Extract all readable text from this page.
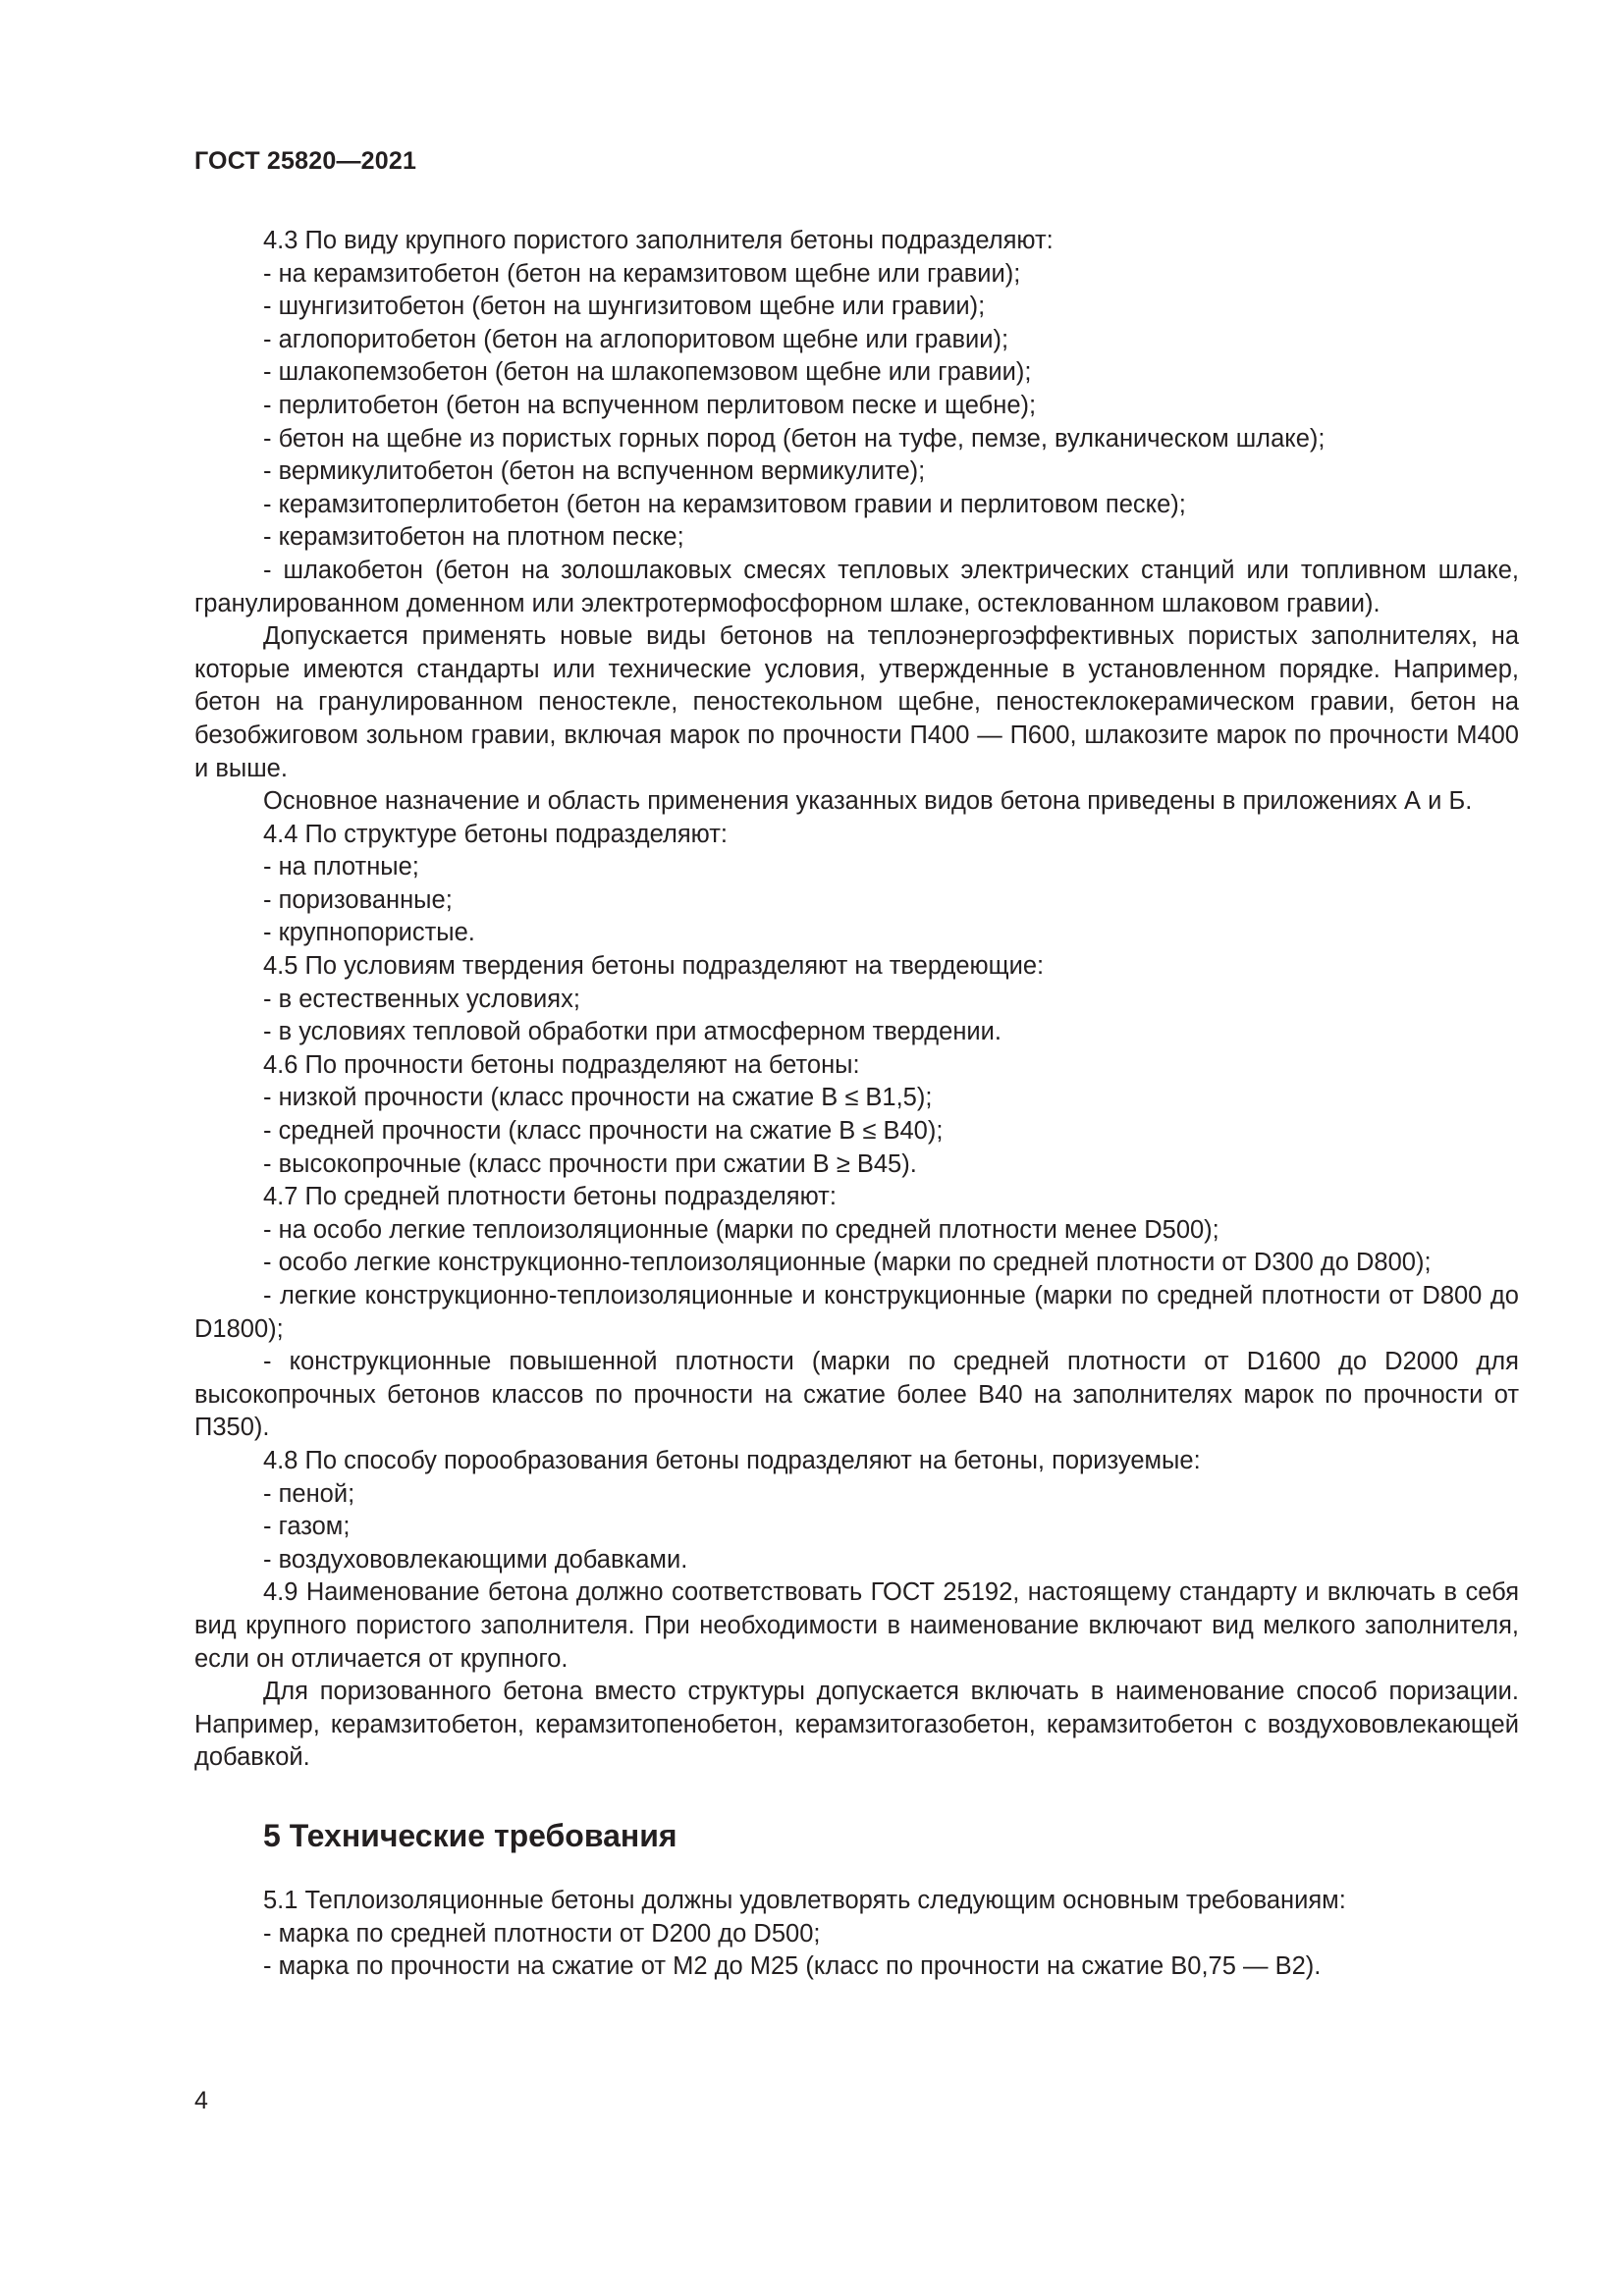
ГОСТ 25820—2021

4.3 По виду крупного пористого заполнителя бетоны подразделяют:

- на керамзитобетон (бетон на керамзитовом щебне или гравии);

- шунгизитобетон (бетон на шунгизитовом щебне или гравии);

- аглопоритобетон (бетон на аглопоритовом щебне или гравии);

- шлакопемзобетон (бетон на шлакопемзовом щебне или гравии);

- перлитобетон (бетон на вспученном перлитовом песке и щебне);

- бетон на щебне из пористых горных пород (бетон на туфе, пемзе, вулканическом шлаке);

- вермикулитобетон (бетон на вспученном вермикулите);

- керамзитоперлитобетон (бетон на керамзитовом гравии и перлитовом песке);

- керамзитобетон на плотном песке;

- шлакобетон (бетон на золошлаковых смесях тепловых электрических станций или топливном шлаке, гранулированном доменном или электротермофосфорном шлаке, остеклованном шлаковом гравии).

Допускается применять новые виды бетонов на теплоэнергоэффективных пористых заполнителях, на которые имеются стандарты или технические условия, утвержденные в установленном порядке. Например, бетон на гранулированном пеностекле, пеностекольном щебне, пеностеклокерамическом гравии, бетон на безобжиговом зольном гравии, включая марок по прочности П400 — П600, шлакозите марок по прочности М400 и выше.

Основное назначение и область применения указанных видов бетона приведены в приложениях А и Б.

4.4 По структуре бетоны подразделяют:

- на плотные;

- поризованные;

- крупнопористые.

4.5 По условиям твердения бетоны подразделяют на твердеющие:

- в естественных условиях;

- в условиях тепловой обработки при атмосферном твердении.

4.6 По прочности бетоны подразделяют на бетоны:

- низкой прочности (класс прочности на сжатие В ≤ В1,5);

- средней прочности (класс прочности на сжатие В ≤ В40);

- высокопрочные (класс прочности при сжатии В ≥ В45).

4.7 По средней плотности бетоны подразделяют:

- на особо легкие теплоизоляционные (марки по средней плотности менее D500);

- особо легкие конструкционно-теплоизоляционные (марки по средней плотности от D300 до D800);

- легкие конструкционно-теплоизоляционные и конструкционные (марки по средней плотности от D800 до D1800);

- конструкционные повышенной плотности (марки по средней плотности от D1600 до D2000 для высокопрочных бетонов классов по прочности на сжатие более В40 на заполнителях марок по прочности от П350).

4.8 По способу порообразования бетоны подразделяют на бетоны, поризуемые:

- пеной;

- газом;

- воздухововлекающими добавками.

4.9 Наименование бетона должно соответствовать ГОСТ 25192, настоящему стандарту и включать в себя вид крупного пористого заполнителя. При необходимости в наименование включают вид мелкого заполнителя, если он отличается от крупного.

Для поризованного бетона вместо структуры допускается включать в наименование способ поризации. Например, керамзитобетон, керамзитопенобетон, керамзитогазобетон, керамзитобетон с воздухововлекающей добавкой.

5 Технические требования

5.1 Теплоизоляционные бетоны должны удовлетворять следующим основным требованиям:

- марка по средней плотности от D200 до D500;

- марка по прочности на сжатие от М2 до М25 (класс по прочности на сжатие В0,75 — В2).

4
